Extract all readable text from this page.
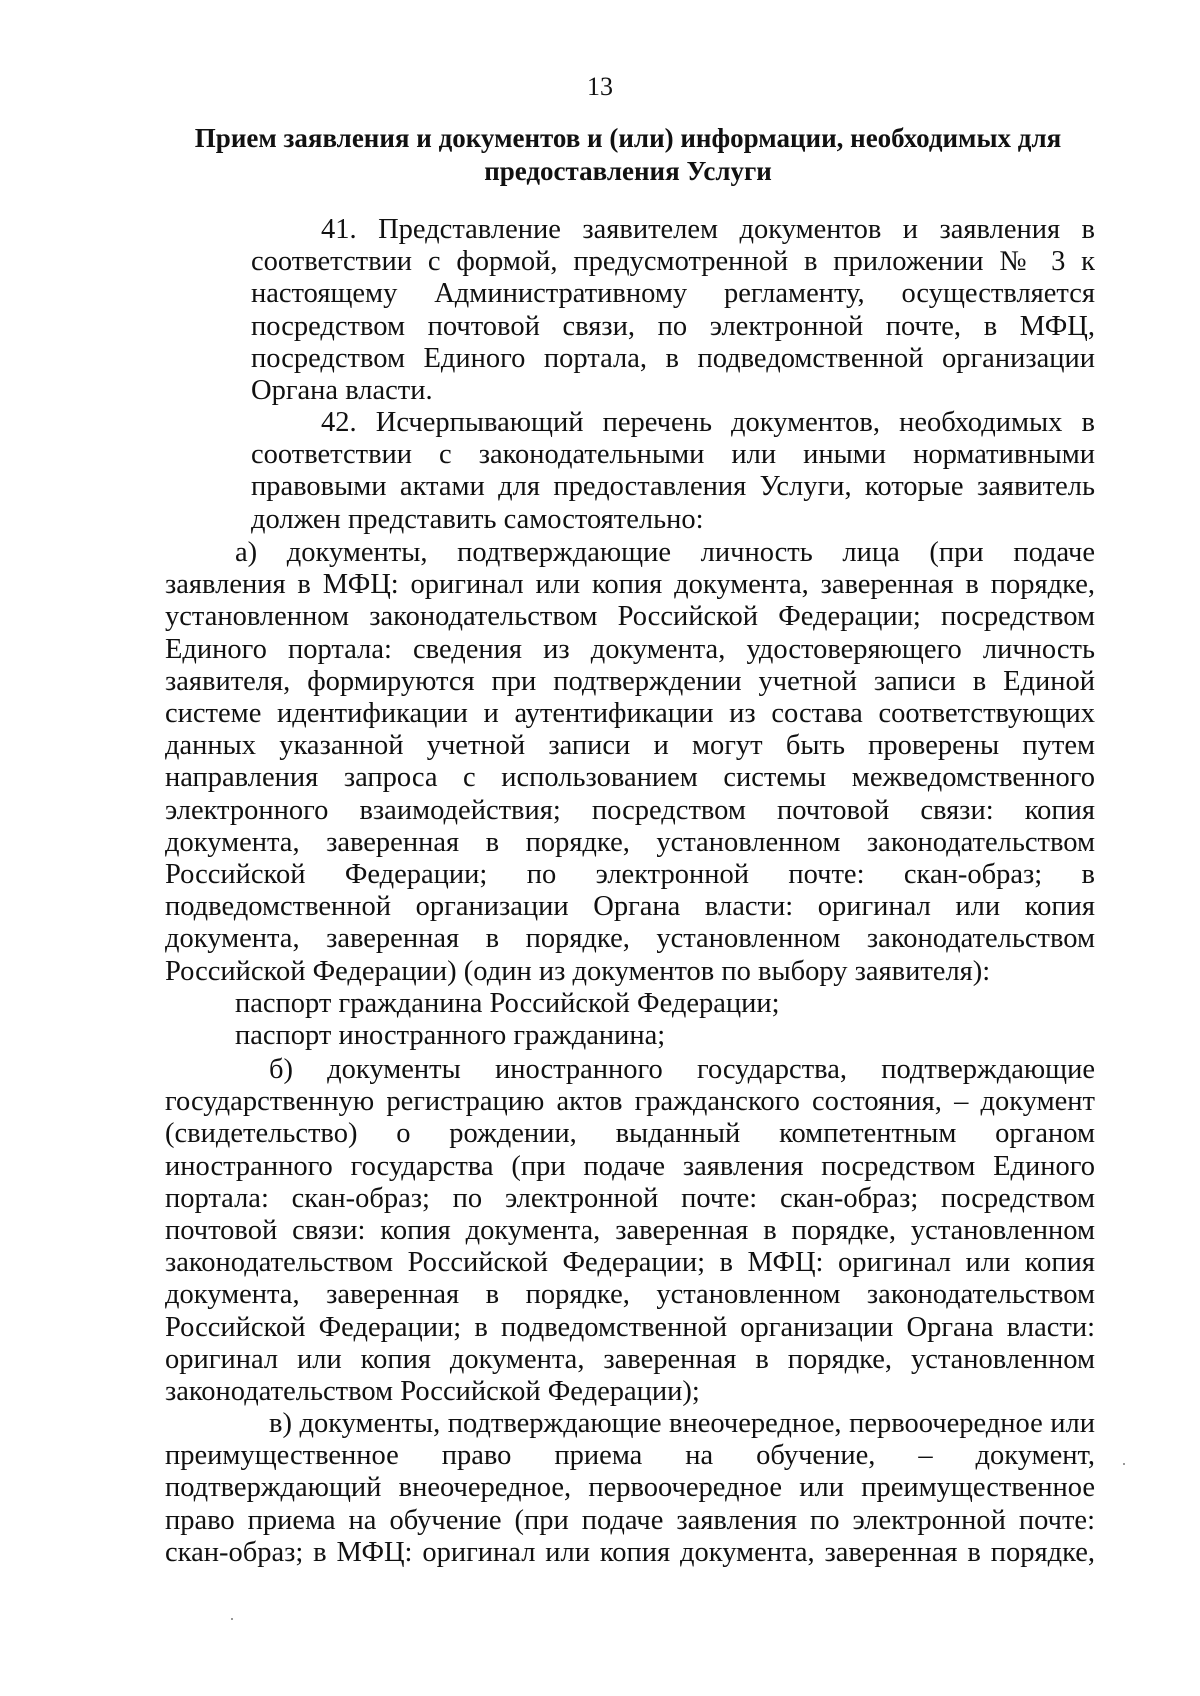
13
Прием заявления и документов и (или) информации, необходимых для
предоставления Услуги
41. Представление заявителем документов и заявления в
соответствии с формой, предусмотренной в приложении № 3 к
настоящему Административному регламенту, осуществляется
посредством почтовой связи, по электронной почте, в МФЦ,
посредством Единого портала, в подведомственной организации
Органа власти.
42. Исчерпывающий перечень документов, необходимых в
соответствии с законодательными или иными нормативными
правовыми актами для предоставления Услуги, которые заявитель
должен представить самостоятельно:
а) документы, подтверждающие личность лица (при подаче
заявления в МФЦ: оригинал или копия документа, заверенная в порядке,
установленном законодательством Российской Федерации; посредством
Единого портала: сведения из документа, удостоверяющего личность
заявителя, формируются при подтверждении учетной записи в Единой
системе идентификации и аутентификации из состава соответствующих
данных указанной учетной записи и могут быть проверены путем
направления запроса с использованием системы межведомственного
электронного взаимодействия; посредством почтовой связи: копия
документа, заверенная в порядке, установленном законодательством
Российской Федерации; по электронной почте: скан-образ; в
подведомственной организации Органа власти: оригинал или копия
документа, заверенная в порядке, установленном законодательством
Российской Федерации) (один из документов по выбору заявителя):
паспорт гражданина Российской Федерации;
паспорт иностранного гражданина;
б) документы иностранного государства, подтверждающие
государственную регистрацию актов гражданского состояния, – документ
(свидетельство) о рождении, выданный компетентным органом
иностранного государства (при подаче заявления посредством Единого
портала: скан-образ; по электронной почте: скан-образ; посредством
почтовой связи: копия документа, заверенная в порядке, установленном
законодательством Российской Федерации; в МФЦ: оригинал или копия
документа, заверенная в порядке, установленном законодательством
Российской Федерации; в подведомственной организации Органа власти:
оригинал или копия документа, заверенная в порядке, установленном
законодательством Российской Федерации);
в) документы, подтверждающие внеочередное, первоочередное или
преимущественное право приема на обучение, – документ,
подтверждающий внеочередное, первоочередное или преимущественное
право приема на обучение (при подаче заявления по электронной почте:
скан-образ; в МФЦ: оригинал или копия документа, заверенная в порядке,
